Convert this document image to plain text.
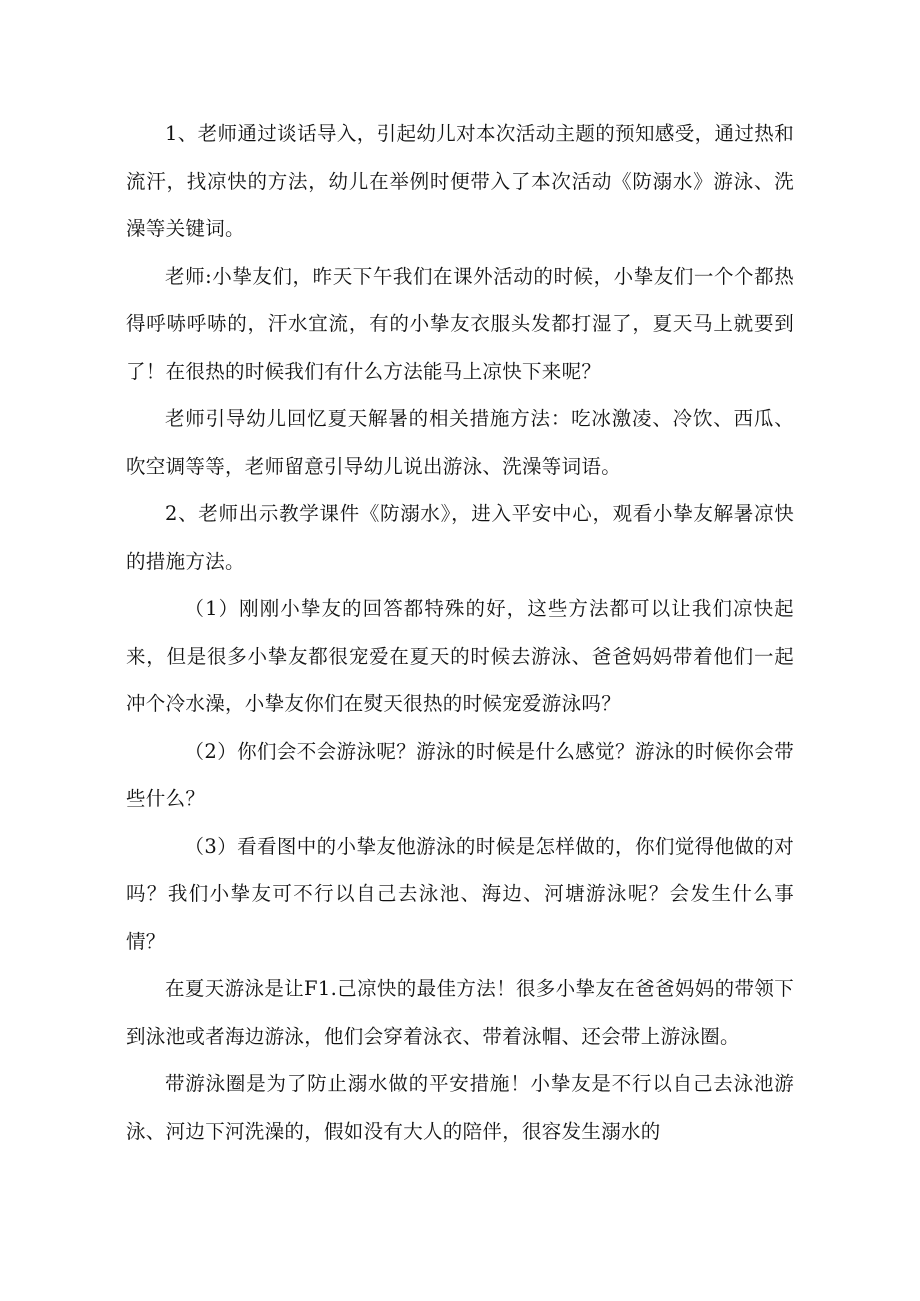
1、老师通过谈话导入，引起幼儿对本次活动主题的预知感受，通过热和流汗，找凉快的方法，幼儿在举例时便带入了本次活动《防溺水》游泳、洗澡等关键词。

老师:小挚友们，昨天下午我们在课外活动的时候，小挚友们一个个都热得呼哧呼哧的，汗水宜流，有的小挚友衣服头发都打湿了，夏天马上就要到了！在很热的时候我们有什么方法能马上凉快下来呢？

老师引导幼儿回忆夏天解暑的相关措施方法：吃冰激凌、冷饮、西瓜、吹空调等等，老师留意引导幼儿说出游泳、洗澡等词语。

2、老师出示教学课件《防溺水》，进入平安中心，观看小挚友解暑凉快的措施方法。

（1）刚刚小挚友的回答都特殊的好，这些方法都可以让我们凉快起来，但是很多小挚友都很宠爱在夏天的时候去游泳、爸爸妈妈带着他们一起冲个冷水澡，小挚友你们在熨天很热的时候宠爱游泳吗？

（2）你们会不会游泳呢？游泳的时候是什么感觉？游泳的时候你会带些什么？

（3）看看图中的小挚友他游泳的时候是怎样做的，你们觉得他做的对吗？我们小挚友可不行以自己去泳池、海边、河塘游泳呢？会发生什么事情？

在夏天游泳是让F1.己凉快的最佳方法！很多小挚友在爸爸妈妈的带领下到泳池或者海边游泳，他们会穿着泳衣、带着泳帽、还会带上游泳圈。

带游泳圈是为了防止溺水做的平安措施！小挚友是不行以自己去泳池游泳、河边下河洗澡的，假如没有大人的陪伴，很容发生溺水的
